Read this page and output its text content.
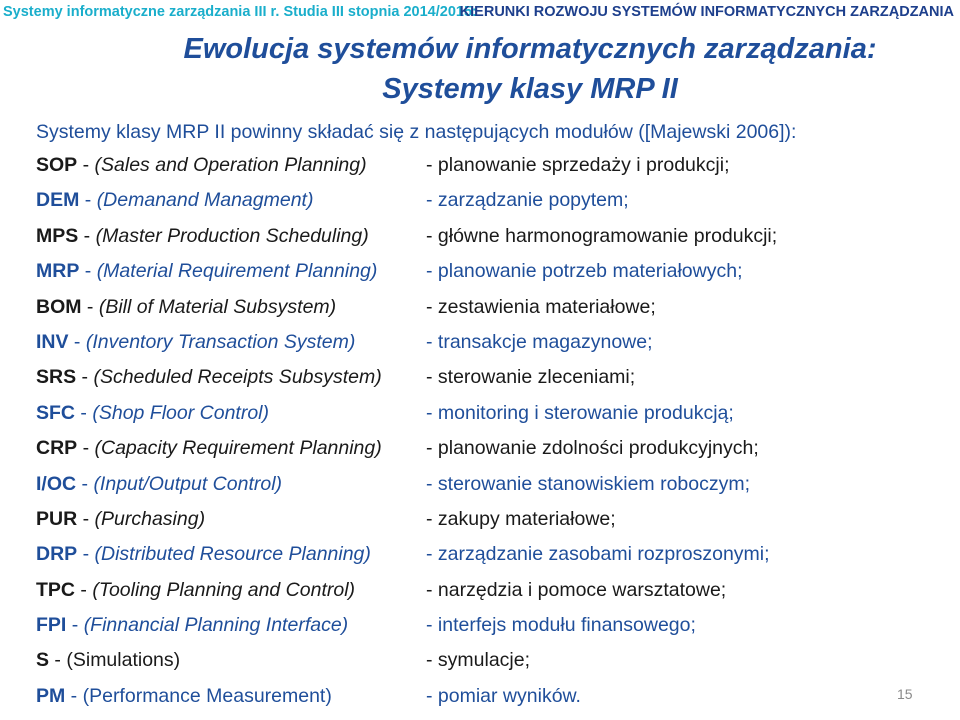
Systemy informatyczne zarządzania III r. Studia III stopnia 2014/2015:
KIERUNKI ROZWOJU SYSTEMÓW INFORMATYCZNYCH ZARZĄDZANIA
Ewolucja systemów informatycznych zarządzania:
Systemy klasy MRP II
Systemy klasy MRP II powinny składać się z następujących modułów ([Majewski 2006]):
SOP - (Sales and Operation Planning)	- planowanie sprzedaży i produkcji;
DEM - (Demanand Managment)	- zarządzanie popytem;
MPS - (Master Production Scheduling)	- główne harmonogramowanie produkcji;
MRP - (Material Requirement Planning) - planowanie potrzeb materiałowych;
BOM - (Bill of Material Subsystem)	- zestawienia materiałowe;
INV - (Inventory Transaction System)	- transakcje magazynowe;
SRS - (Scheduled Receipts Subsystem) - sterowanie zleceniami;
SFC - (Shop Floor Control)	- monitoring i sterowanie produkcją;
CRP - (Capacity Requirement Planning) - planowanie zdolności produkcyjnych;
I/OC - (Input/Output Control)	- sterowanie stanowiskiem roboczym;
PUR - (Purchasing)	- zakupy materiałowe;
DRP - (Distributed Resource Planning)	- zarządzanie zasobami rozproszonymi;
TPC - (Tooling Planning and Control)	- narzędzia i pomoce warsztatowe;
FPI - (Finnancial Planning Interface)	- interfejs modułu finansowego;
S - (Simulations)	- symulacje;
PM - (Performance Measurement)	- pomiar wyników.	15
